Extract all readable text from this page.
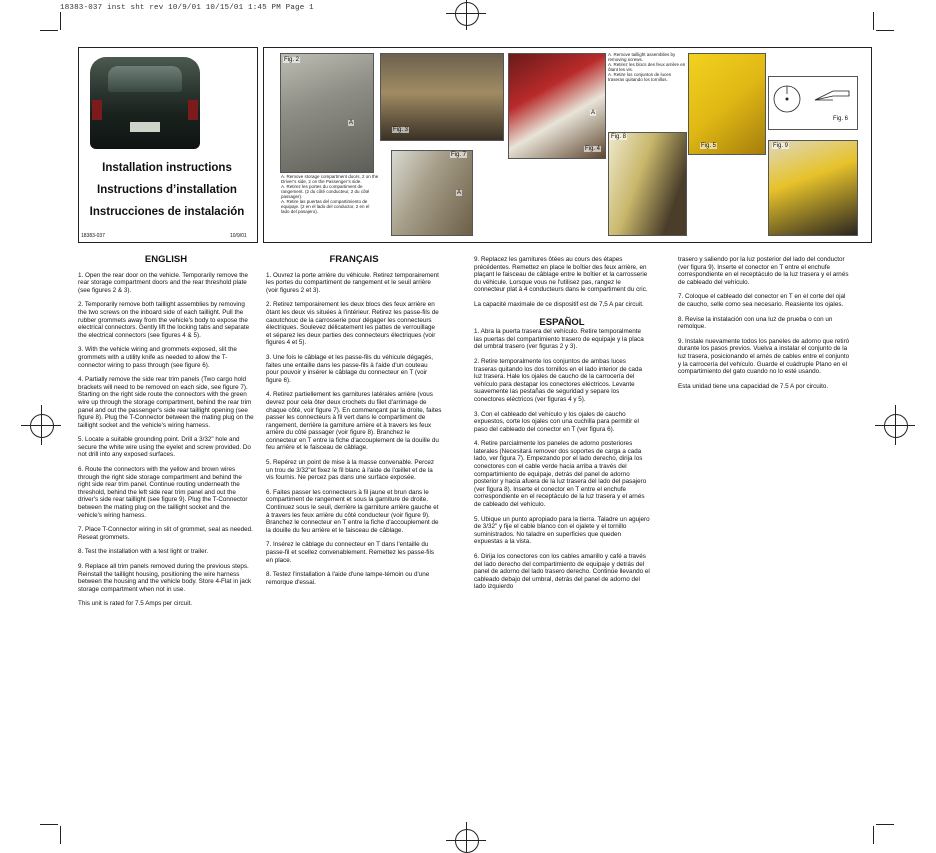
18383-037 inst sht rev 10/9/01 10/15/01 1:45 PM Page 1
Installation instructions
Instructions d’installation
Instrucciones de instalación
18383-037	10/9/01
Fig. 2
A
A. Remove storage compartment doors. 2 on the Driver’s side, 2 on the Passenger’s side.
A. Retirez les portes du compartiment de rangement. (2 du côté conducteur, 2 du côté passager).
A. Retire las puertas del compartimiento de equipaje. (2 en el lado del conductor, 2 en el lado del pasajero).
Fig. 3
Fig. 7
A
Fig. 4
A
A. Remove taillight assemblies by removing screws.
A. Retirez les blocs des feux arrière en ôtant les vis.
A. Retire los conjuntos de luces traseras quitando los tornillos.
Fig. 8
Fig. 5
Fig. 6
Fig. 9
ENGLISH

1. Open the rear door on the vehicle. Temporarily remove the rear storage compartment doors and the rear threshold plate (see figures 2 & 3).

2. Temporarily remove both taillight assemblies by removing the two screws on the inboard side of each taillight. Pull the rubber grommets away from the vehicle's body to expose the electrical connectors. Gently lift the locking tabs and separate the electrical connectors (see figures 4 & 5).

3. With the vehicle wiring and grommets exposed, slit the grommets with a utility knife as needed to allow the T-connector wiring to pass through (see figure 6).

4. Partially remove the side rear trim panels (Two cargo hold brackets will need to be removed on each side, see figure 7). Starting on the right side route the connectors with the green wire up through the storage compartment, behind the rear trim panel and out the passenger's side rear taillight opening (see figure 8). Plug the T-Connector between the mating plug on the taillight socket and the vehicle's wiring harness.

5. Locate a suitable grounding point. Drill a 3/32" hole and secure the white wire using the eyelet and screw provided. Do not drill into any exposed surfaces.

6. Route the connectors with the yellow and brown wires through the right side storage compartment and behind the right side rear trim panel. Continue routing underneath the threshold, behind the left side rear trim panel and out the driver's side rear taillight (see figure 9). Plug the T-Connector between the mating plug on the taillight socket and the vehicle's wiring harness.

7. Place T-Connector wiring in slit of grommet, seal as needed. Reseat grommets.

8. Test the installation with a test light or trailer.

9. Replace all trim panels removed during the previous steps. Reinstall the taillight housing, positioning the wire harness between the housing and the vehicle body. Store 4-Flat in jack storage compartment when not in use.

This unit is rated for 7.5 Amps per circuit.

FRANÇAIS

1. Ouvrez la porte arrière du véhicule. Retirez temporairement les portes du compartiment de rangement et le seuil arrière (voir figures 2 et 3).

2. Retirez temporairement les deux blocs des feux arrière en ôtant les deux vis situées à l'intérieur. Retirez les passe-fils de caoutchouc de la carrosserie pour dégager les connecteurs électriques. Soulevez délicatement les pattes de verrouillage et séparez les deux parties des connecteurs électriques (voir figures 4 et 5).

3. Une fois le câblage et les passe-fils du véhicule dégagés, faites une entaille dans les passe-fils à l'aide d'un couteau pour pouvoir y insérer le câblage du connecteur en T (voir figure 6).

4. Retirez partiellement les garnitures latérales arrière (vous devrez pour cela ôter deux crochets du filet d'arrimage de chaque côté, voir figure 7). En commençant par la droite, faites passer les connecteurs à fil vert dans le compartiment de rangement, derrière la garniture arrière et à travers les feux arrière du côté passager (voir figure 8). Branchez le connecteur en T entre la fiche d'accouplement de la douille du feu arrière et le faisceau de câblage.

5. Repérez un point de mise à la masse convenable. Percez un trou de 3/32"et fixez le fil blanc à l'aide de l'œillet et de la vis fournis. Ne percez pas dans une surface exposée.

6. Faites passer les connecteurs à fil jaune et brun dans le compartiment de rangement et sous la garniture de droite. Continuez sous le seuil, derrière la garniture arrière gauche et à travers les feux arrière du côté conducteur (voir figure 9). Branchez le connecteur en T entre la fiche d'accouplement de la douille du feu arrière et le faisceau de câblage.

7. Insérez le câblage du connecteur en T dans l'entaille du passe-fil et scellez convenablement. Remettez les passe-fils en place.

8. Testez l'installation à l'aide d'une lampe-témoin ou d'une remorque d'essai.

9. Replacez les garnitures ôtées au cours des étapes précédentes. Remettez en place le boîtier des feux arrière, en plaçant le faisceau de câblage entre le boîtier et la carrosserie du véhicule. Lorsque vous ne l'utilisez pas, rangez le connecteur plat à 4 conducteurs dans le compartiment du cric.

La capacité maximale de ce dispositif est de 7,5 A par circuit.

ESPAÑOL

1. Abra la puerta trasera del vehículo. Retire temporalmente las puertas del compartimiento trasero de equipaje y la placa del umbral trasero (ver figuras 2 y 3).

2. Retire temporalmente los conjuntos de ambas luces traseras quitando los dos tornillos en el lado interior de cada luz trasera. Hale los ojales de caucho de la carrocería del vehículo para destapar los conectores eléctricos. Levante suavemente las pestañas de seguridad y separe los conectores eléctricos (ver figuras 4 y 5).

3. Con el cableado del vehículo y los ojales de caucho expuestos, corte los ojales con una cuchilla para permitir el paso del cableado del conector en T (ver figura 6).

4. Retire parcialmente los paneles de adorno posteriores laterales (Necesitará remover dos soportes de carga a cada lado, ver figura 7). Empezando por el lado derecho, dirija los conectores con el cable verde hacia arriba a través del compartimiento de equipaje, detrás del panel de adorno posterior y hacia afuera de la luz trasera del lado del pasajero (ver figura 8). Inserte el conector en T entre el enchufe correspondiente en el receptáculo de la luz trasera y el arnés de cableado del vehículo.

5. Ubique un punto apropiado para la tierra. Taladre un agujero de 3/32" y fije el cable blanco con el ojalete y el tornillo suministrados. No taladre en superficies que queden expuestas a la vista.

6. Dirija los conectores con los cables amarillo y café a través del lado derecho del compartimiento de equipaje y detrás del panel de adorno del lado trasero derecho. Continúe llevando el cableado debajo del umbral, detrás del panel de adorno del lado izquierdo

trasero y saliendo por la luz posterior del lado del conductor (ver figura 9). Inserte el conector en T entre el enchufe correspondiente en el receptáculo de la luz trasera y el arnés de cableado del vehículo.

7. Coloque el cableado del conector en T en el corte del ojal de caucho, selle como sea necesario. Reasiente los ojales.

8. Revise la instalación con una luz de prueba o con un remolque.

9. Instale nuevamente todos los paneles de adorno que retiró durante los pasos previos. Vuelva a instalar el conjunto de la luz trasera, posicionando el arnés de cables entre el conjunto y la carrocería del vehículo. Guarde el cuádruple Plano en el compartimiento del gato cuando no lo esté usando.

Esta unidad tiene una capacidad de 7.5 A por circuito.
